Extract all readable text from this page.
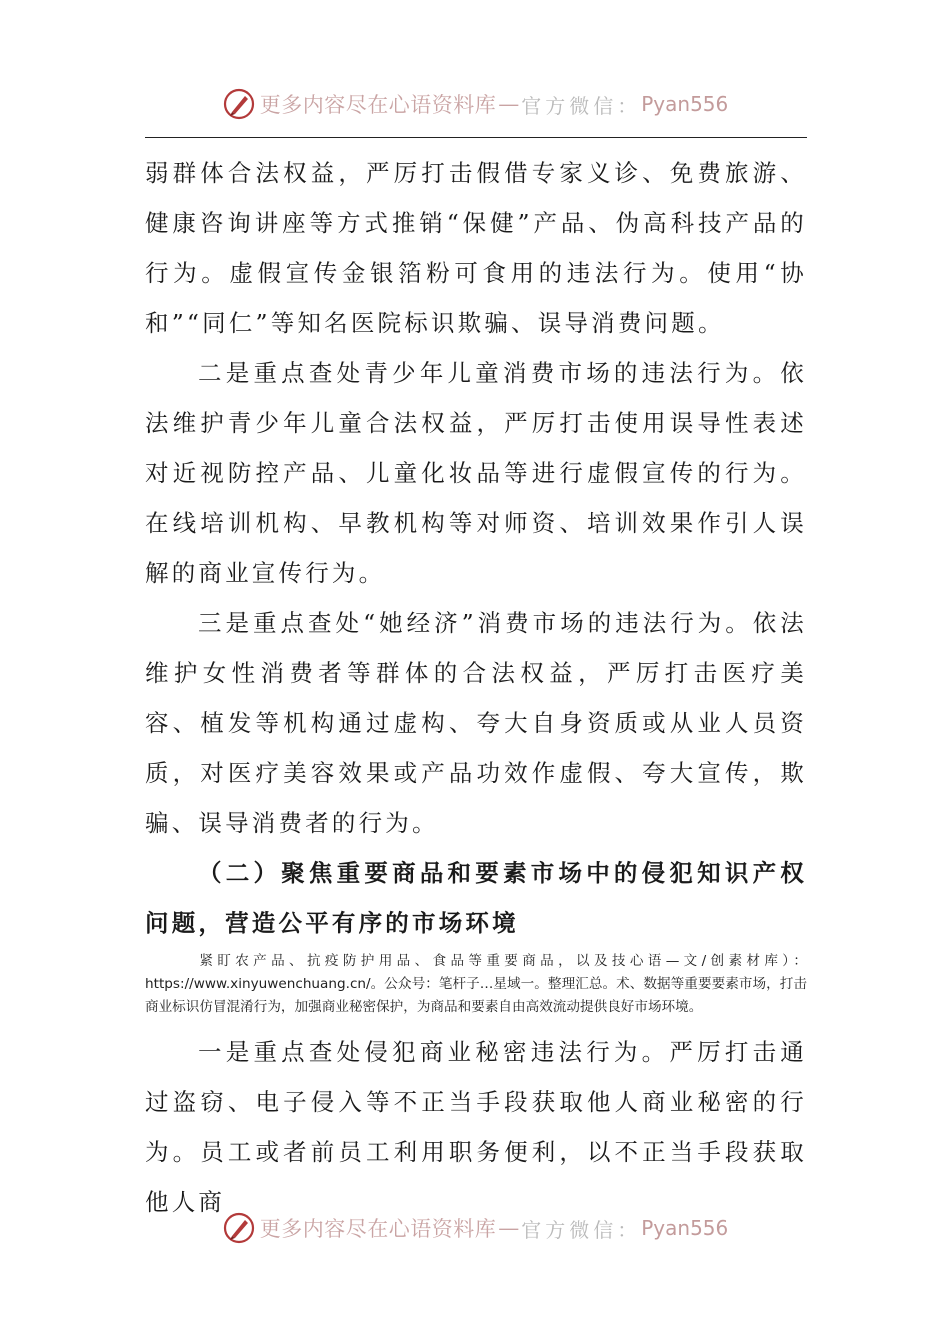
更多内容尽在心语资料库 — 官方微信： Pyan556

弱群体合法权益，严厉打击假借专家义诊、免费旅游、健康咨询讲座等方式推销“保健”产品、伪高科技产品的行为。虚假宣传金银箔粉可食用的违法行为。使用“协和”“同仁”等知名医院标识欺骗、误导消费问题。

二是重点查处青少年儿童消费市场的违法行为。依法维护青少年儿童合法权益，严厉打击使用误导性表述对近视防控产品、儿童化妆品等进行虚假宣传的行为。在线培训机构、早教机构等对师资、培训效果作引人误解的商业宣传行为。

三是重点查处“她经济”消费市场的违法行为。依法维护女性消费者等群体的合法权益，严厉打击医疗美容、植发等机构通过虚构、夸大自身资质或从业人员资质，对医疗美容效果或产品功效作虚假、夸大宣传，欺骗、误导消费者的行为。

（二）聚焦重要商品和要素市场中的侵犯知识产权问题，营造公平有序的市场环境

紧盯农产品、抗疫防护用品、食品等重要商品，以及技心语—文/创素材库）：https://www.xinyuwenchuang.cn/。公众号：笔杆子…星域一。整理汇总。术、数据等重要要素市场，打击商业标识仿冒混淆行为，加强商业秘密保护，为商品和要素自由高效流动提供良好市场环境。

一是重点查处侵犯商业秘密违法行为。严厉打击通过盗窃、电子侵入等不正当手段获取他人商业秘密的行为。员工或者前员工利用职务便利，以不正当手段获取他人商

更多内容尽在心语资料库 — 官方微信： Pyan556
